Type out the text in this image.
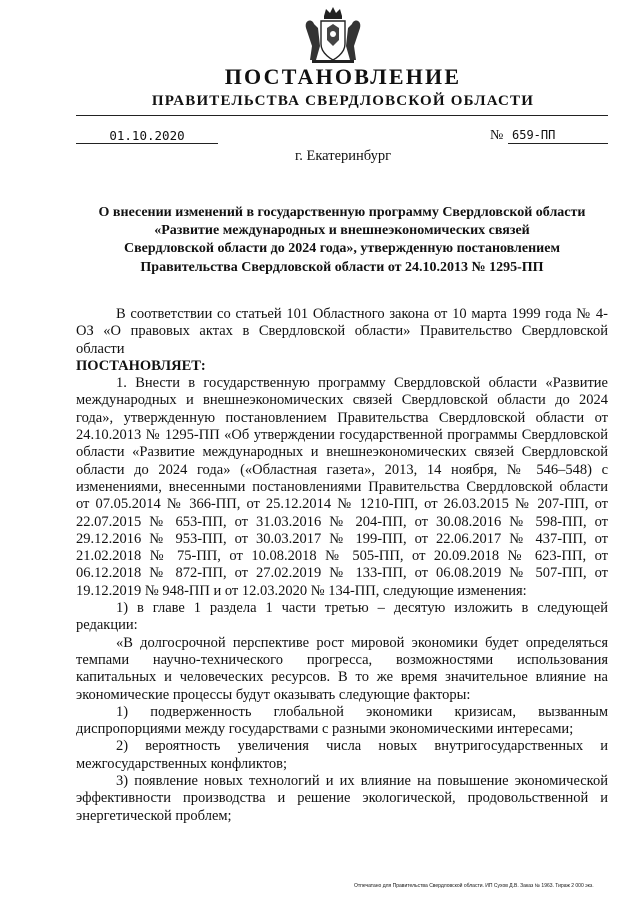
ПОСТАНОВЛЕНИЕ
ПРАВИТЕЛЬСТВА СВЕРДЛОВСКОЙ ОБЛАСТИ
01.10.2020	№ 659-ПП
г. Екатеринбург
О внесении изменений в государственную программу Свердловской области
«Развитие международных и внешнеэкономических связей
Свердловской области до 2024 года», утвержденную постановлением
Правительства Свердловской области от 24.10.2013 № 1295-ПП

В соответствии со статьей 101 Областного закона от 10 марта 1999 года № 4-ОЗ «О правовых актах в Свердловской области» Правительство Свердловской области

ПОСТАНОВЛЯЕТ:

1. Внести в государственную программу Свердловской области «Развитие международных и внешнеэкономических связей Свердловской области до 2024 года», утвержденную постановлением Правительства Свердловской области от 24.10.2013 № 1295-ПП «Об утверждении государственной программы Свердловской области «Развитие международных и внешнеэкономических связей Свердловской области до 2024 года» («Областная газета», 2013, 14 ноября, № 546–548) с изменениями, внесенными постановлениями Правительства Свердловской области от 07.05.2014 № 366-ПП, от 25.12.2014 № 1210-ПП, от 26.03.2015 № 207-ПП, от 22.07.2015 № 653-ПП, от 31.03.2016 № 204-ПП, от 30.08.2016 № 598-ПП, от 29.12.2016 № 953-ПП, от 30.03.2017 № 199-ПП, от 22.06.2017 № 437-ПП, от 21.02.2018 № 75-ПП, от 10.08.2018 № 505-ПП, от 20.09.2018 № 623-ПП, от 06.12.2018 № 872-ПП, от 27.02.2019 № 133-ПП, от 06.08.2019 № 507-ПП, от 19.12.2019 № 948-ПП и от 12.03.2020 № 134-ПП, следующие изменения:

1) в главе 1 раздела 1 части третью – десятую изложить в следующей редакции:

«В долгосрочной перспективе рост мировой экономики будет определяться темпами научно-технического прогресса, возможностями использования капитальных и человеческих ресурсов. В то же время значительное влияние на экономические процессы будут оказывать следующие факторы:

1) подверженность глобальной экономики кризисам, вызванным диспропорциями между государствами с разными экономическими интересами;

2) вероятность увеличения числа новых внутригосударственных и межгосударственных конфликтов;

3) появление новых технологий и их влияние на повышение экономической эффективности производства и решение экологической, продовольственной и энергетической проблем;

Отпечатано для Правительства Свердловской области. ИП Сухов Д.В. Заказ № 1963. Тираж 2 000 экз.
